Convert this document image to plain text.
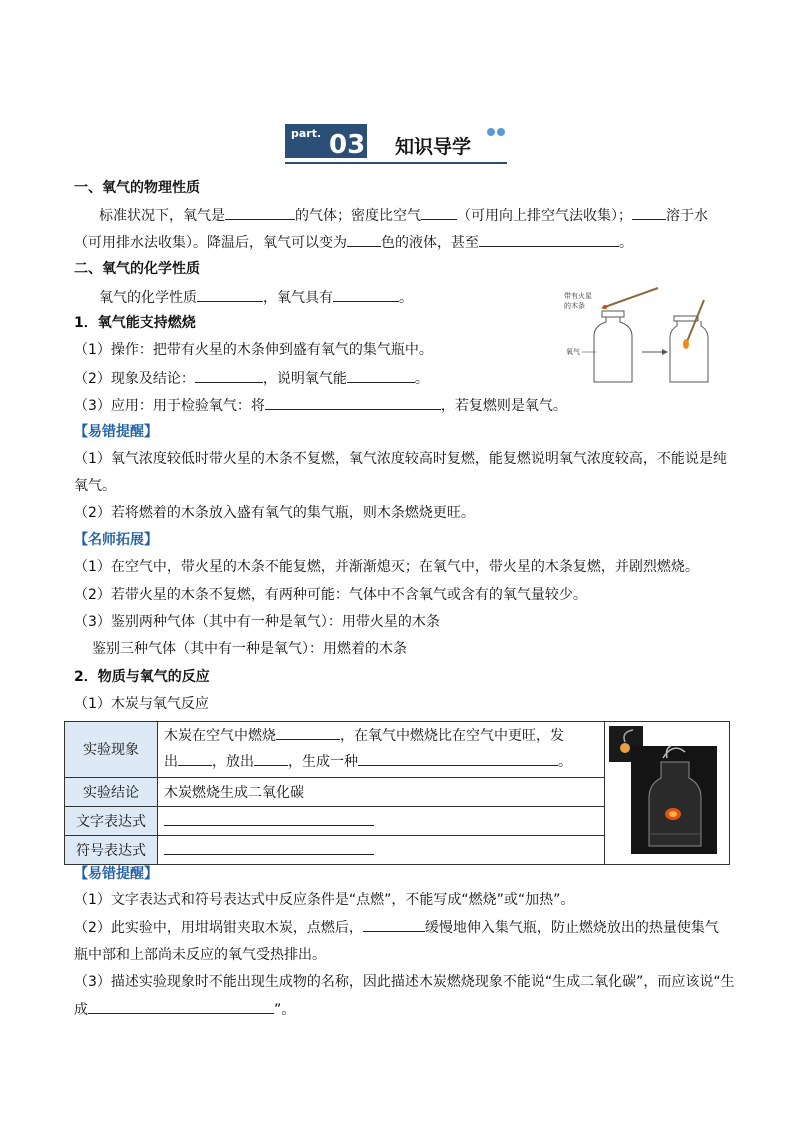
part. 03 知识导学
一、氧气的物理性质
标准状况下，氧气是	的气体；密度比空气	（可用向上排空气法收集）； 溶于水
（可用排水法收集）。降温后，氧气可以变为 色的液体，甚至	。
二、氧气的化学性质
氧气的化学性质	，氧气具有	。	带有火星
的木条
氧气
1．氧气能支持燃烧
（1）操作：把带有火星的木条伸到盛有氧气的集气瓶中。
（2）现象及结论：	，说明氧气能	。
（3）应用：用于检验氧气：将	，若复燃则是氧气。
【易错提醒】
（1）氧气浓度较低时带火星的木条不复燃，氧气浓度较高时复燃，能复燃说明氧气浓度较高，不能说是纯
氧气。
（2）若将燃着的木条放入盛有氧气的集气瓶，则木条燃烧更旺。
【名师拓展】
（1）在空气中，带火星的木条不能复燃，并渐渐熄灭；在氧气中，带火星的木条复燃，并剧烈燃烧。
（2）若带火星的木条不复燃，有两种可能：气体中不含氧气或含有的氧气量较少。
（3）鉴别两种气体（其中有一种是氧气）：用带火星的木条
鉴别三种气体（其中有一种是氧气）：用燃着的木条
2．物质与氧气的反应
（1）木炭与氧气反应
实验现象	木炭在空气中燃烧 ，在氧气中燃烧比在空气中更旺，发
出 ，放出 ，生成一种 。	
实验结论	木炭燃烧生成二氧化碳	
文字表达式		
符号表达式		
【易错提醒】
（1）文字表达式和符号表达式中反应条件是“点燃”，不能写成“燃烧”或“加热”。
（2）此实验中，用坩埚钳夹取木炭，点燃后，	缓慢地伸入集气瓶，防止燃烧放出的热量使集气
瓶中部和上部尚未反应的氧气受热排出。
（3）描述实验现象时不能出现生成物的名称，因此描述木炭燃烧现象不能说“生成二氧化碳”，而应该说“生
成	”。
